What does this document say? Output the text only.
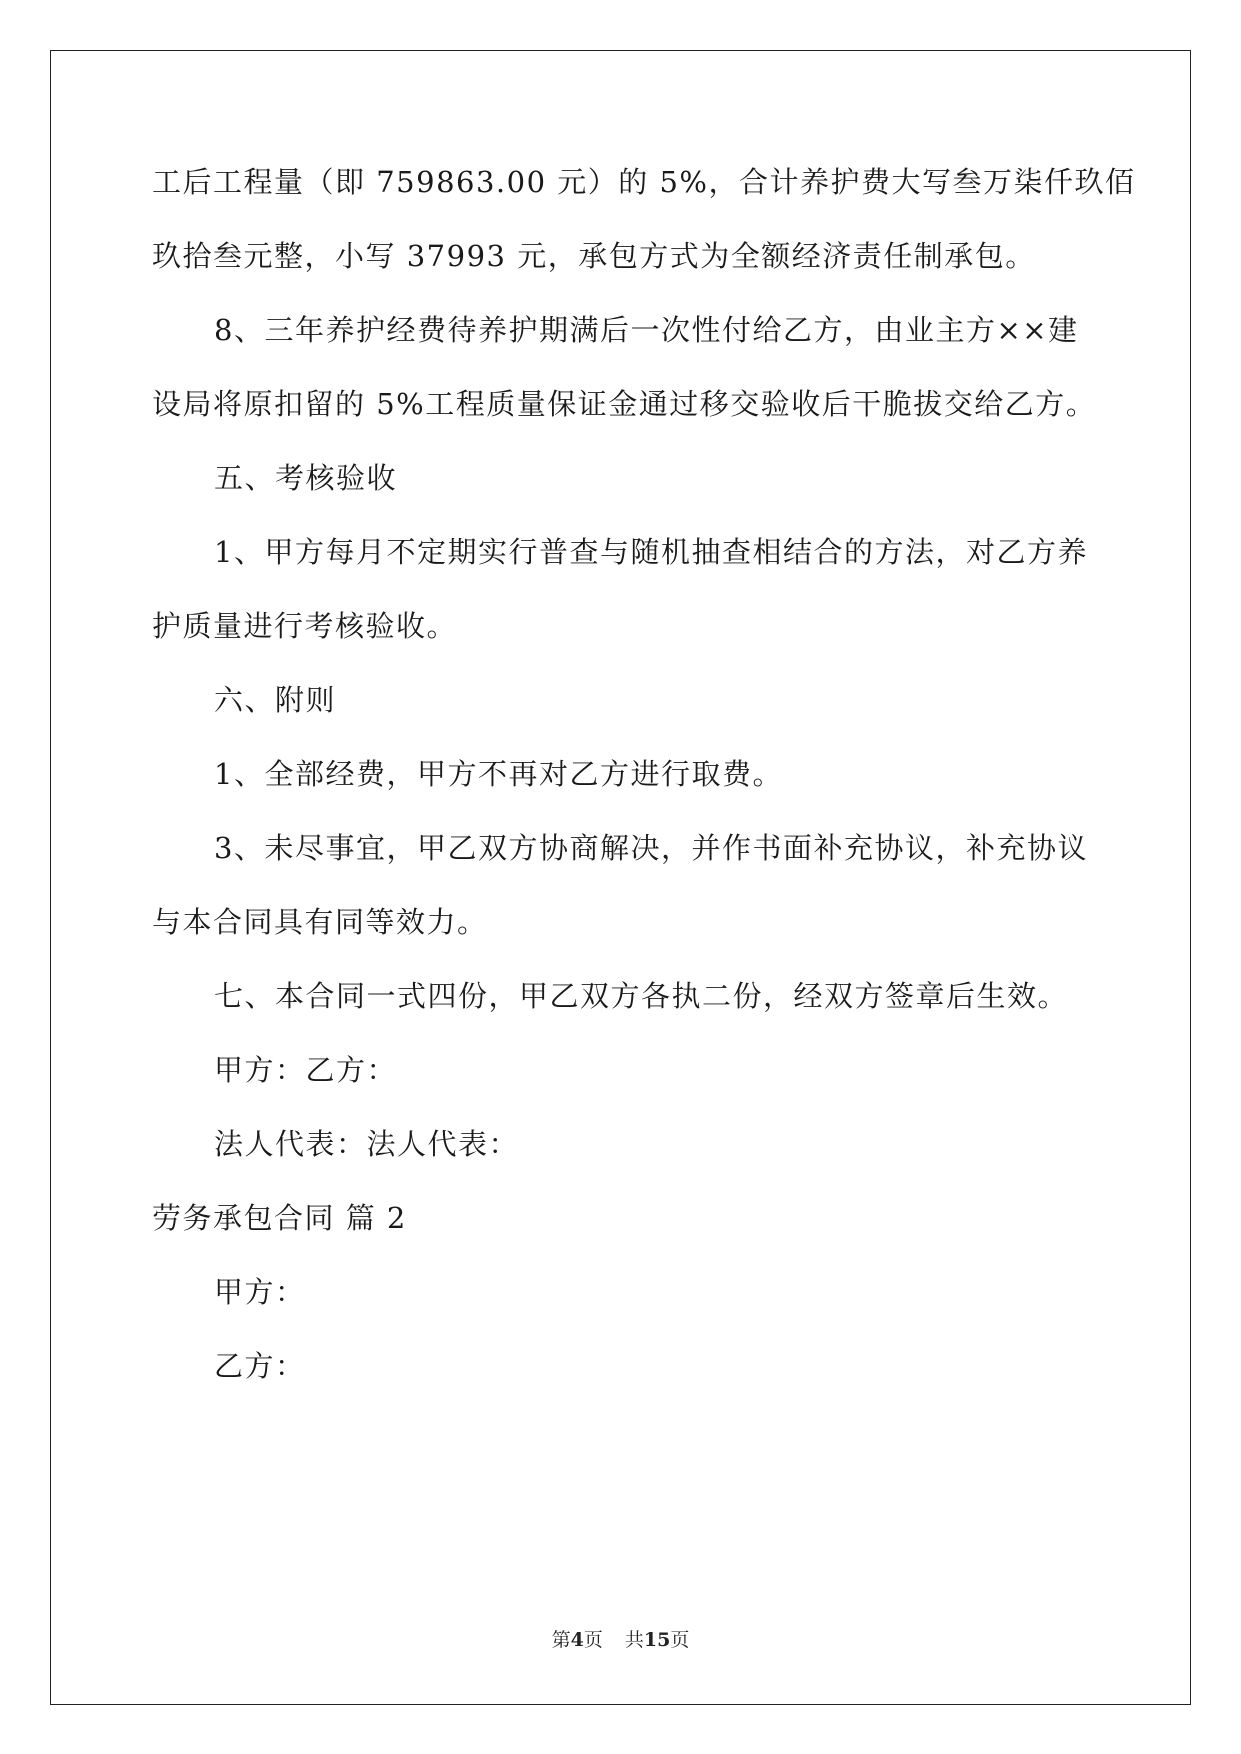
工后工程量（即 759863.00 元）的 5%，合计养护费大写叁万柒仟玖佰
玖拾叁元整，小写 37993 元，承包方式为全额经济责任制承包。
8、三年养护经费待养护期满后一次性付给乙方，由业主方××建
设局将原扣留的 5%工程质量保证金通过移交验收后干脆拔交给乙方。
五、考核验收
1、甲方每月不定期实行普查与随机抽查相结合的方法，对乙方养
护质量进行考核验收。
六、附则
1、全部经费，甲方不再对乙方进行取费。
3、未尽事宜，甲乙双方协商解决，并作书面补充协议，补充协议
与本合同具有同等效力。
七、本合同一式四份，甲乙双方各执二份，经双方签章后生效。
甲方：乙方：
法人代表：法人代表：
劳务承包合同 篇 2
甲方：
乙方：
第4页 共15页
